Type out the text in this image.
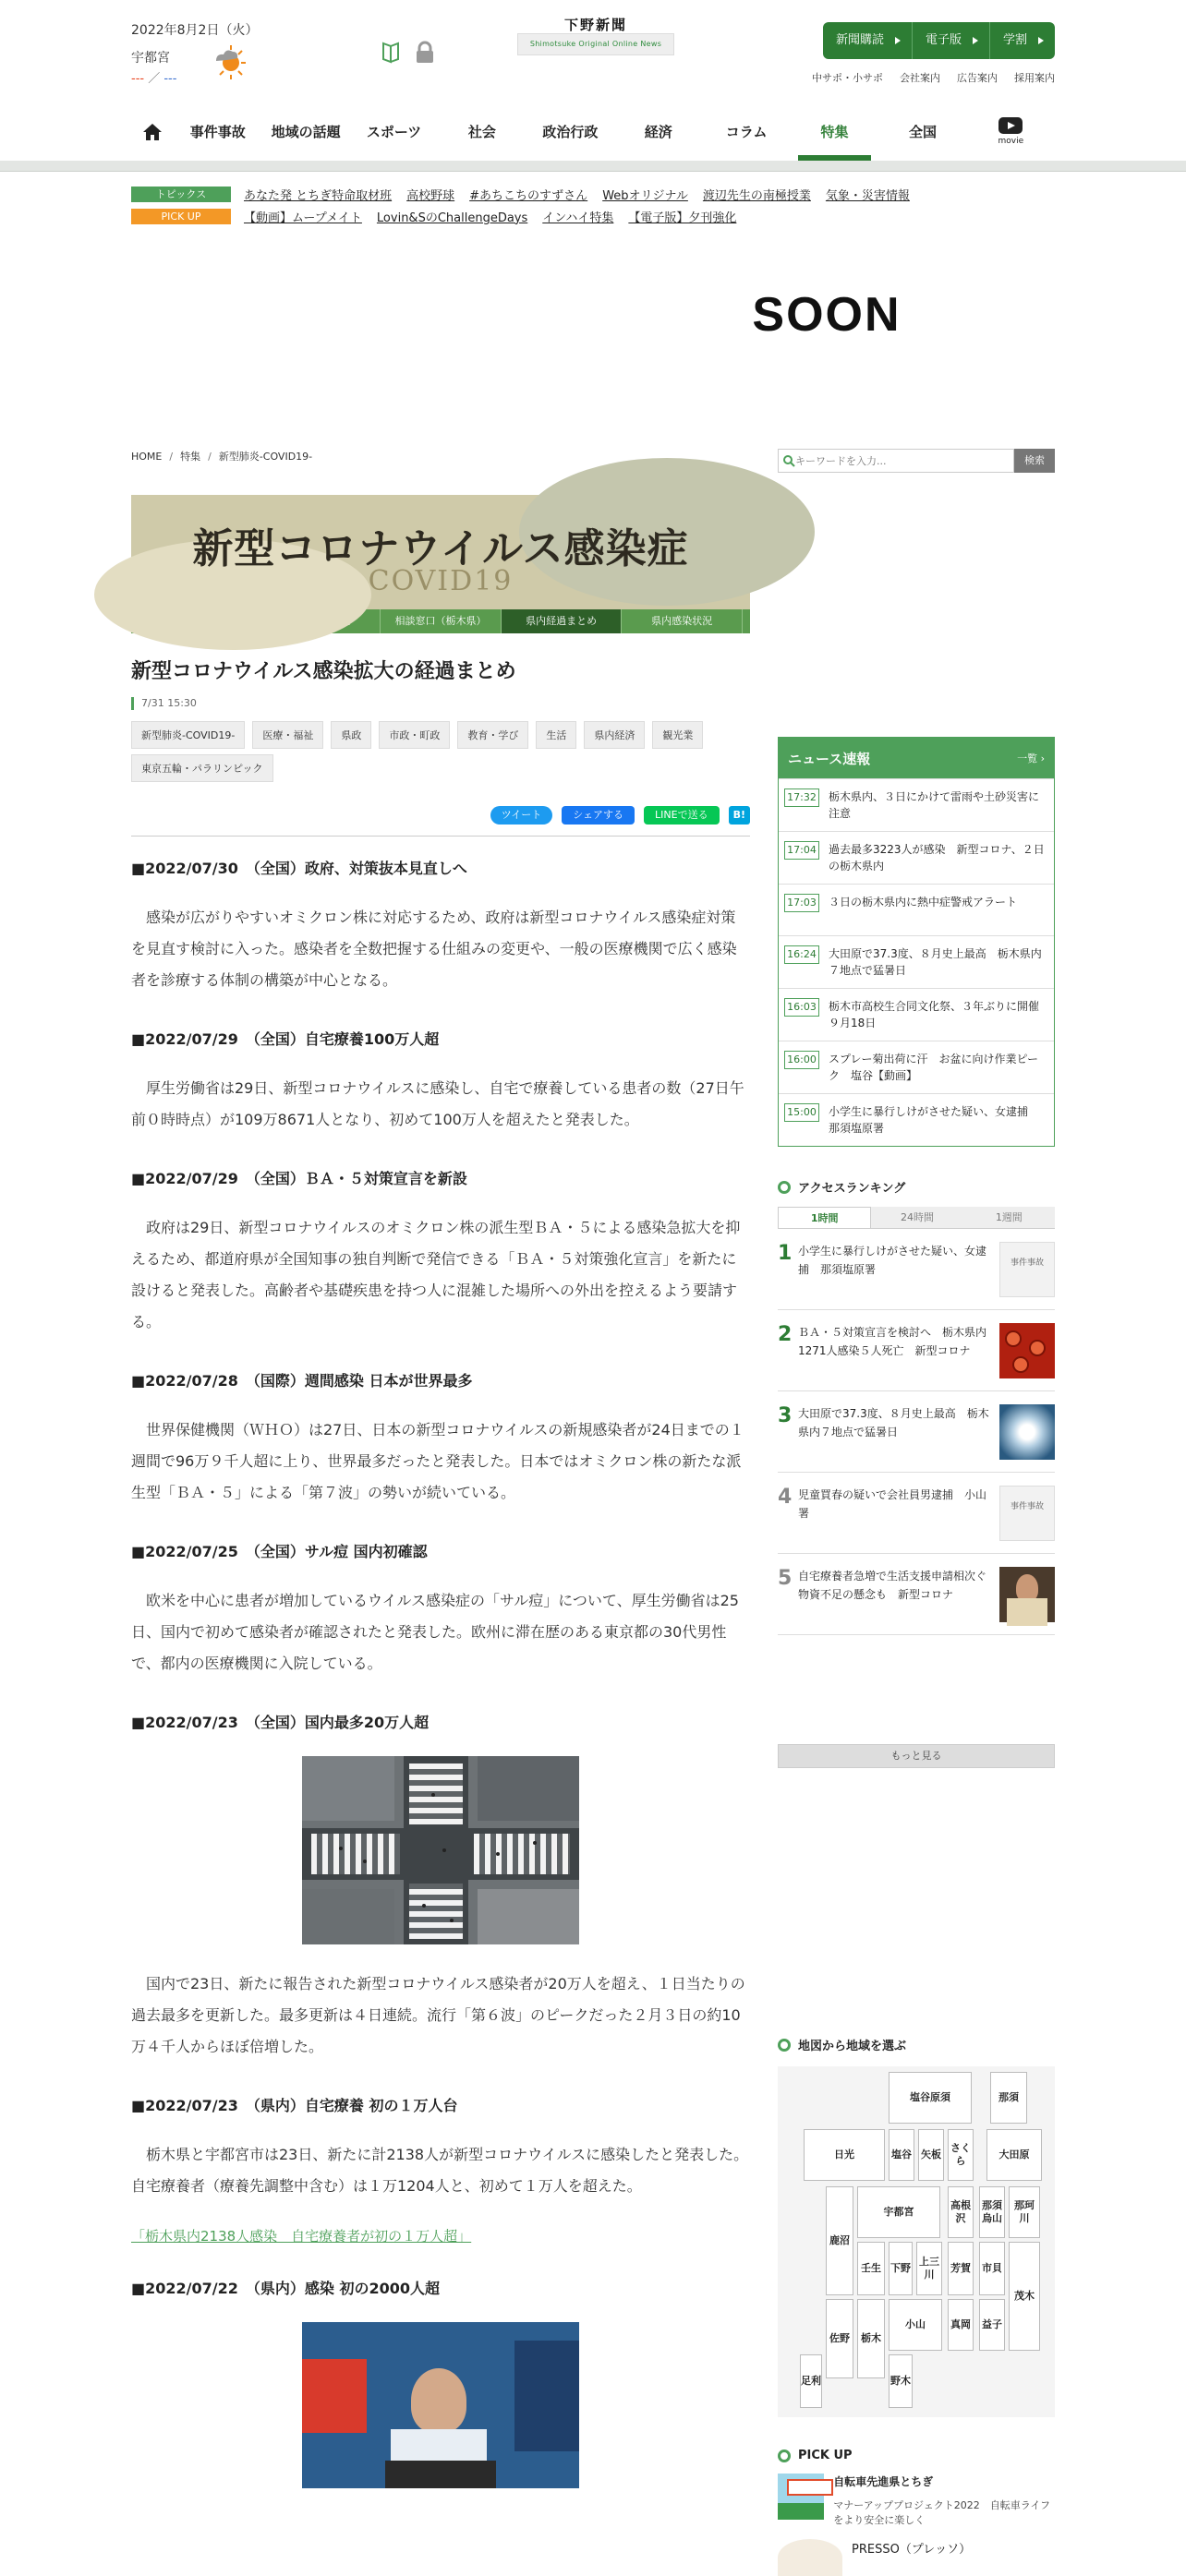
2022年8月2日（火）
宇都宮
--- ／ ---
下野新聞
SOON
Shimotsuke Original Online News	新聞購読	電子版	学割
中サポ・小サポ 会社案内 広告案内 採用案内
事件事故	地域の話題	スポーツ	社会	政治行政	経済	コラム	特集	全国
movie
トピックス	あなた発 とちぎ特命取材班 高校野球 #あちこちのすずさん Webオリジナル 渡辺先生の南極授業 気象・災害情報
PICK UP	【動画】ムープメイト Lovin&SのChallengeDays インハイ特集 【電子版】夕刊強化
HOME / 特集 / 新型肺炎-COVID19-
新型コロナウイルス感染症
COVID19
相談窓口（栃木県）	県内経過まとめ	県内感染状況
新型コロナウイルス感染拡大の経過まとめ
7/31 15:30
新型肺炎-COVID19-	医療・福祉	県政	市政・町政	教育・学び	生活	県内経済	観光業
東京五輪・パラリンピック
ツイート	シェアする	LINEで送る	B!
■2022/07/30　（全国）政府、対策抜本見直しへ

感染が広がりやすいオミクロン株に対応するため、政府は新型コロナウイルス感染症対策を見直す検討に入った。感染者を全数把握する仕組みの変更や、一般の医療機関で広く感染者を診療する体制の構築が中心となる。

■2022/07/29　（全国）自宅療養100万人超

厚生労働省は29日、新型コロナウイルスに感染し、自宅で療養している患者の数（27日午前０時時点）が109万8671人となり、初めて100万人を超えたと発表した。

■2022/07/29　（全国）ＢＡ・５対策宣言を新設

政府は29日、新型コロナウイルスのオミクロン株の派生型ＢＡ・５による感染急拡大を抑えるため、都道府県が全国知事の独自判断で発信できる「ＢＡ・５対策強化宣言」を新たに設けると発表した。高齢者や基礎疾患を持つ人に混雑した場所への外出を控えるよう要請する。

■2022/07/28　（国際）週間感染 日本が世界最多

世界保健機関（ＷＨＯ）は27日、日本の新型コロナウイルスの新規感染者が24日までの１週間で96万９千人超に上り、世界最多だったと発表した。日本ではオミクロン株の新たな派生型「ＢＡ・５」による「第７波」の勢いが続いている。

■2022/07/25　（全国）サル痘 国内初確認

欧米を中心に患者が増加しているウイルス感染症の「サル痘」について、厚生労働省は25日、国内で初めて感染者が確認されたと発表した。欧州に滞在歴のある東京都の30代男性で、都内の医療機関に入院している。

■2022/07/23　（全国）国内最多20万人超

国内で23日、新たに報告された新型コロナウイルス感染者が20万人を超え、１日当たりの過去最多を更新した。最多更新は４日連続。流行「第６波」のピークだった２月３日の約10万４千人からほぼ倍増した。

■2022/07/23　（県内）自宅療養 初の１万人台

栃木県と宇都宮市は23日、新たに計2138人が新型コロナウイルスに感染したと発表した。自宅療養者（療養先調整中含む）は１万1204人と、初めて１万人を超えた。

「栃木県内2138人感染　自宅療養者が初の１万人超」
■2022/07/22　（県内）感染 初の2000人超
キーワードを入力...
検索
ニュース速報	一覧 ›
17:32 栃木県内、３日にかけて雷雨や土砂災害に注意
17:04 過去最多3223人が感染　新型コロナ、２日の栃木県内
17:03 ３日の栃木県内に熱中症警戒アラート
16:24 大田原で37.3度、８月史上最高　栃木県内７地点で猛暑日
16:03 栃木市高校生合同文化祭、３年ぶりに開催　９月18日
16:00 スプレー菊出荷に汗　お盆に向け作業ピーク　塩谷【動画】
15:00 小学生に暴行しけがさせた疑い、女逮捕　那須塩原署
アクセスランキング
1時間	24時間	1週間
1 小学生に暴行しけがさせた疑い、女逮捕　那須塩原署	事件事故
2 ＢＡ・５対策宣言を検討へ　栃木県内1271人感染５人死亡　新型コロナ
3 大田原で37.3度、８月史上最高　栃木県内７地点で猛暑日
4 児童買春の疑いで会社員男逮捕　小山署	事件事故
5 自宅療養者急増で生活支援申請相次ぐ　物資不足の懸念も　新型コロナ
もっと見る
地図から地域を選ぶ
塩谷原須	那須
日光	塩谷 矢板
さくら
大田原
宇都宮
高根沢
那須烏山
那珂川
鹿沼
壬生 下野
上三川
芳賀 市貝
茂木
小山	真岡 益子
佐野	栃木
野木
足利
PICK UP
自転車先進県とちぎ
マナーアッププロジェクト2022　自転車ライフをより安全に楽しく
PRESSO（プレッソ）
